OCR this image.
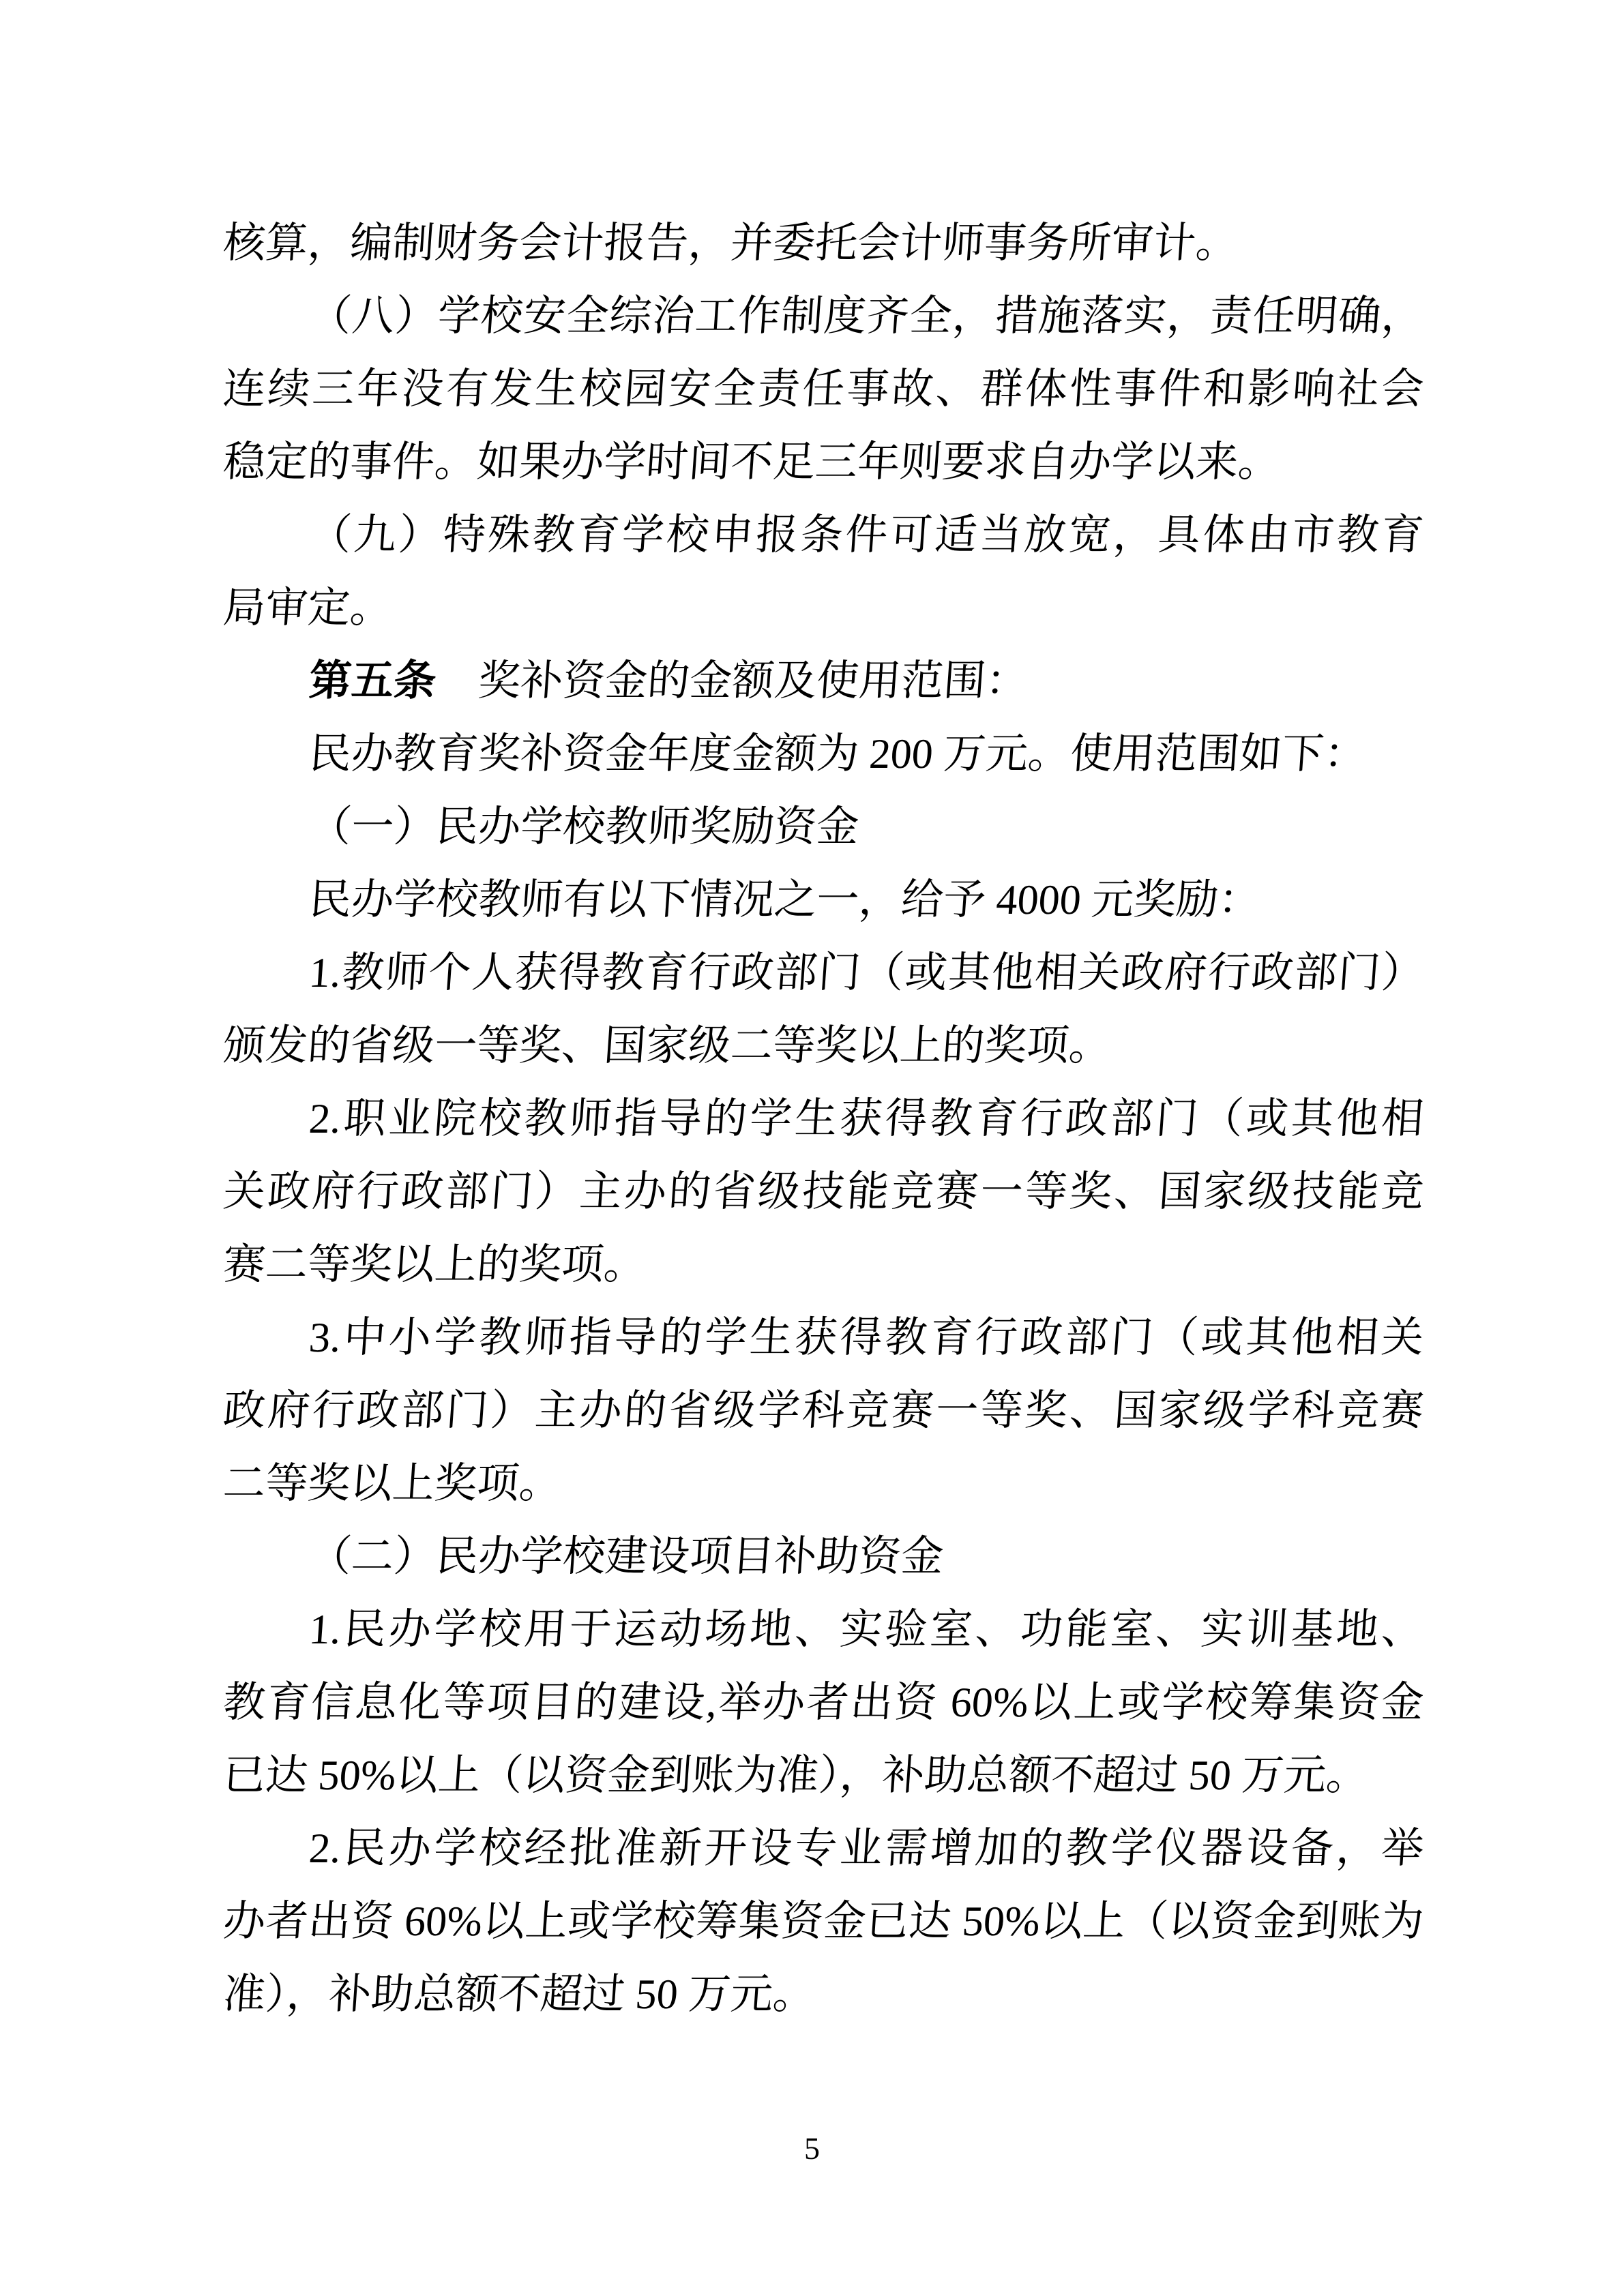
核算，编制财务会计报告，并委托会计师事务所审计。
（八）学校安全综治工作制度齐全，措施落实，责任明确，
连续三年没有发生校园安全责任事故、群体性事件和影响社会
稳定的事件。如果办学时间不足三年则要求自办学以来。
（九）特殊教育学校申报条件可适当放宽，具体由市教育
局审定。
第五条　奖补资金的金额及使用范围：
民办教育奖补资金年度金额为 200 万元。使用范围如下：
（一）民办学校教师奖励资金
民办学校教师有以下情况之一，给予 4000 元奖励：
1.教师个人获得教育行政部门（或其他相关政府行政部门）
颁发的省级一等奖、国家级二等奖以上的奖项。
2.职业院校教师指导的学生获得教育行政部门（或其他相
关政府行政部门）主办的省级技能竞赛一等奖、国家级技能竞
赛二等奖以上的奖项。
3.中小学教师指导的学生获得教育行政部门（或其他相关
政府行政部门）主办的省级学科竞赛一等奖、国家级学科竞赛
二等奖以上奖项。
（二）民办学校建设项目补助资金
1.民办学校用于运动场地、实验室、功能室、实训基地、
教育信息化等项目的建设,举办者出资 60%以上或学校筹集资金
已达 50%以上（以资金到账为准），补助总额不超过 50 万元。
2.民办学校经批准新开设专业需增加的教学仪器设备，举
办者出资 60%以上或学校筹集资金已达 50%以上（以资金到账为
准），补助总额不超过 50 万元。
5
